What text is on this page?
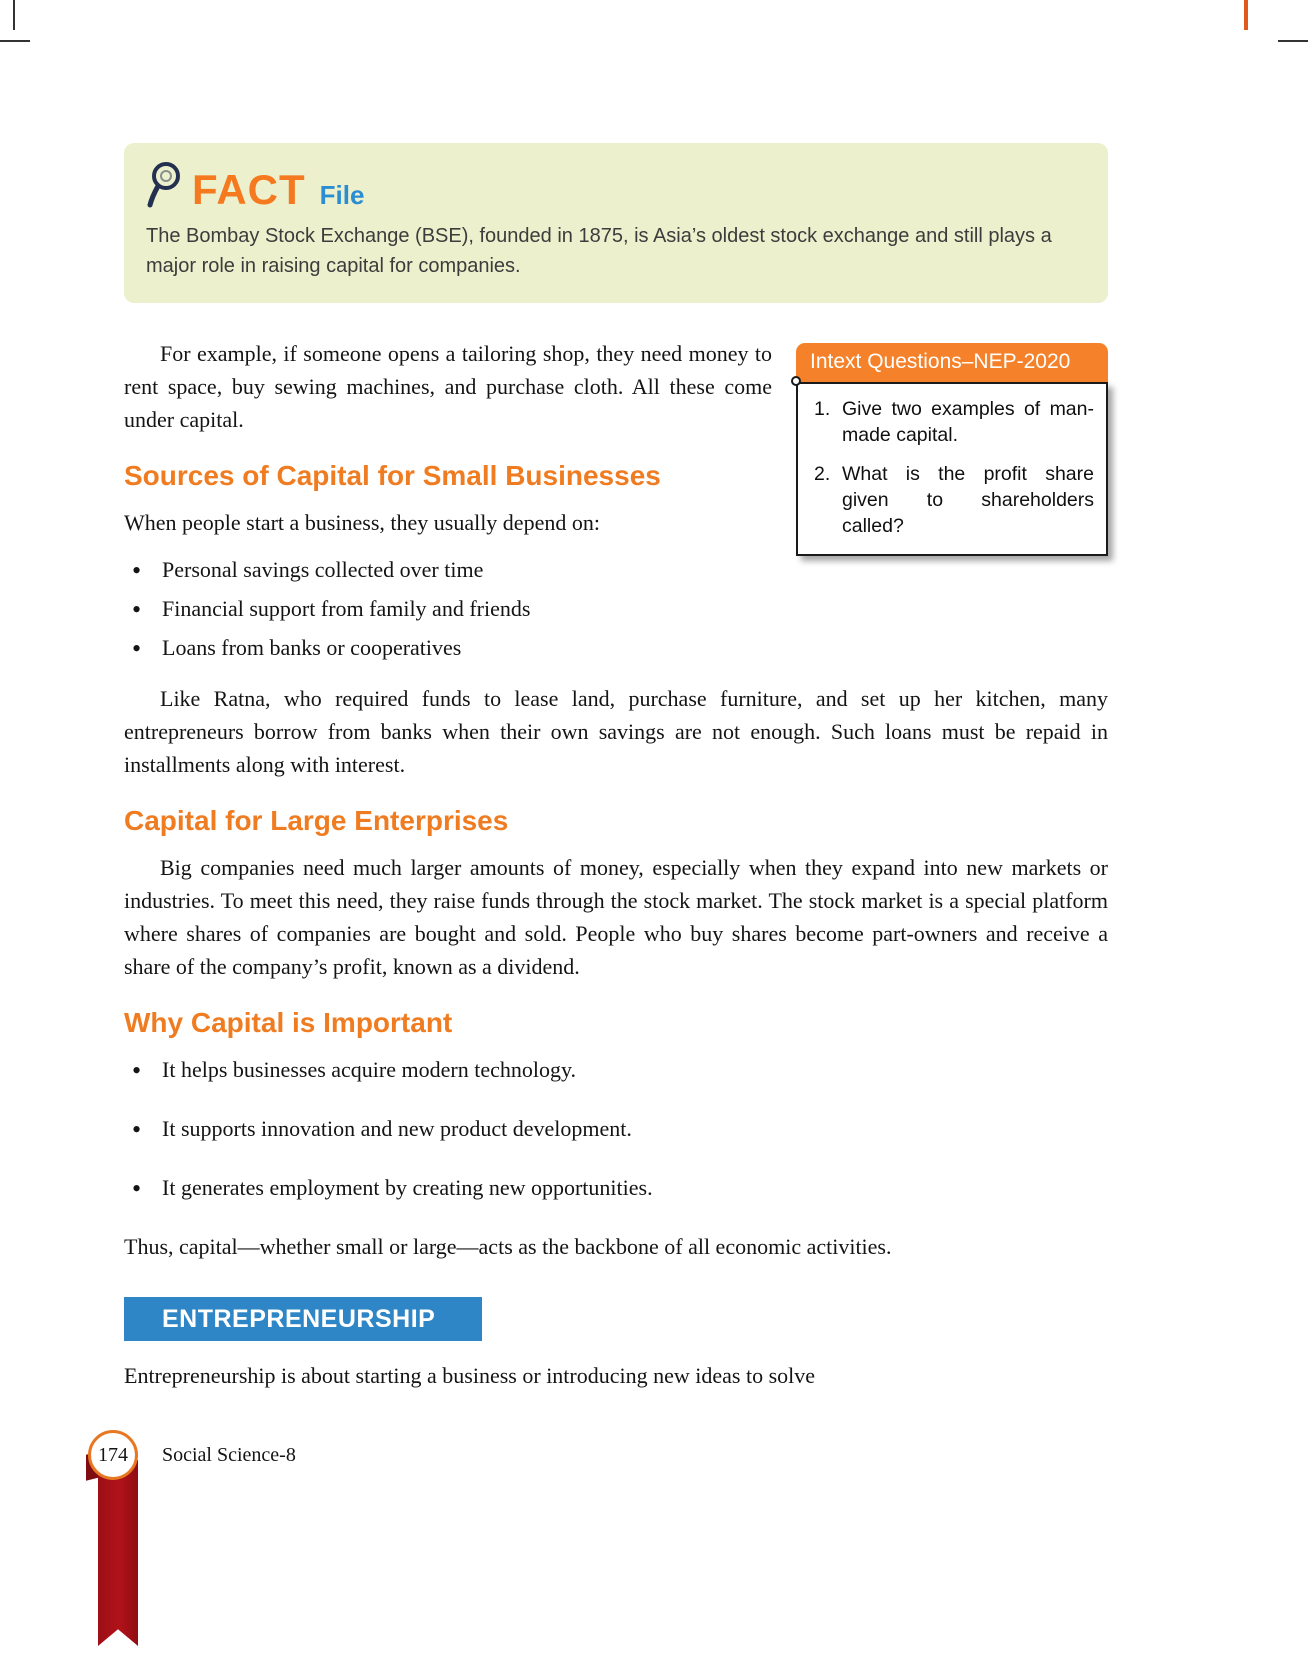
FACT File
The Bombay Stock Exchange (BSE), founded in 1875, is Asia’s oldest stock exchange and still plays a major role in raising capital for companies.
Intext Questions–NEP-2020
Give two examples of man-made capital.
What is the profit share given to shareholders called?

For example, if someone opens a tailoring shop, they need money to rent space, buy sewing machines, and purchase cloth. All these come under capital.

Sources of Capital for Small Businesses

When people start a business, they usually depend on:

• Personal savings collected over time
• Financial support from family and friends
• Loans from banks or cooperatives

Like Ratna, who required funds to lease land, purchase furniture, and set up her kitchen, many entrepreneurs borrow from banks when their own savings are not enough. Such loans must be repaid in installments along with interest.

Capital for Large Enterprises

Big companies need much larger amounts of money, especially when they expand into new markets or industries. To meet this need, they raise funds through the stock market. The stock market is a special platform where shares of companies are bought and sold. People who buy shares become part-owners and receive a share of the company’s profit, known as a dividend.

Why Capital is Important
• It helps businesses acquire modern technology.
• It supports innovation and new product development.
• It generates employment by creating new opportunities.

Thus, capital—whether small or large—acts as the backbone of all economic activities.

ENTREPRENEURSHIP

Entrepreneurship is about starting a business or introducing new ideas to solve

174	Social Science-8
